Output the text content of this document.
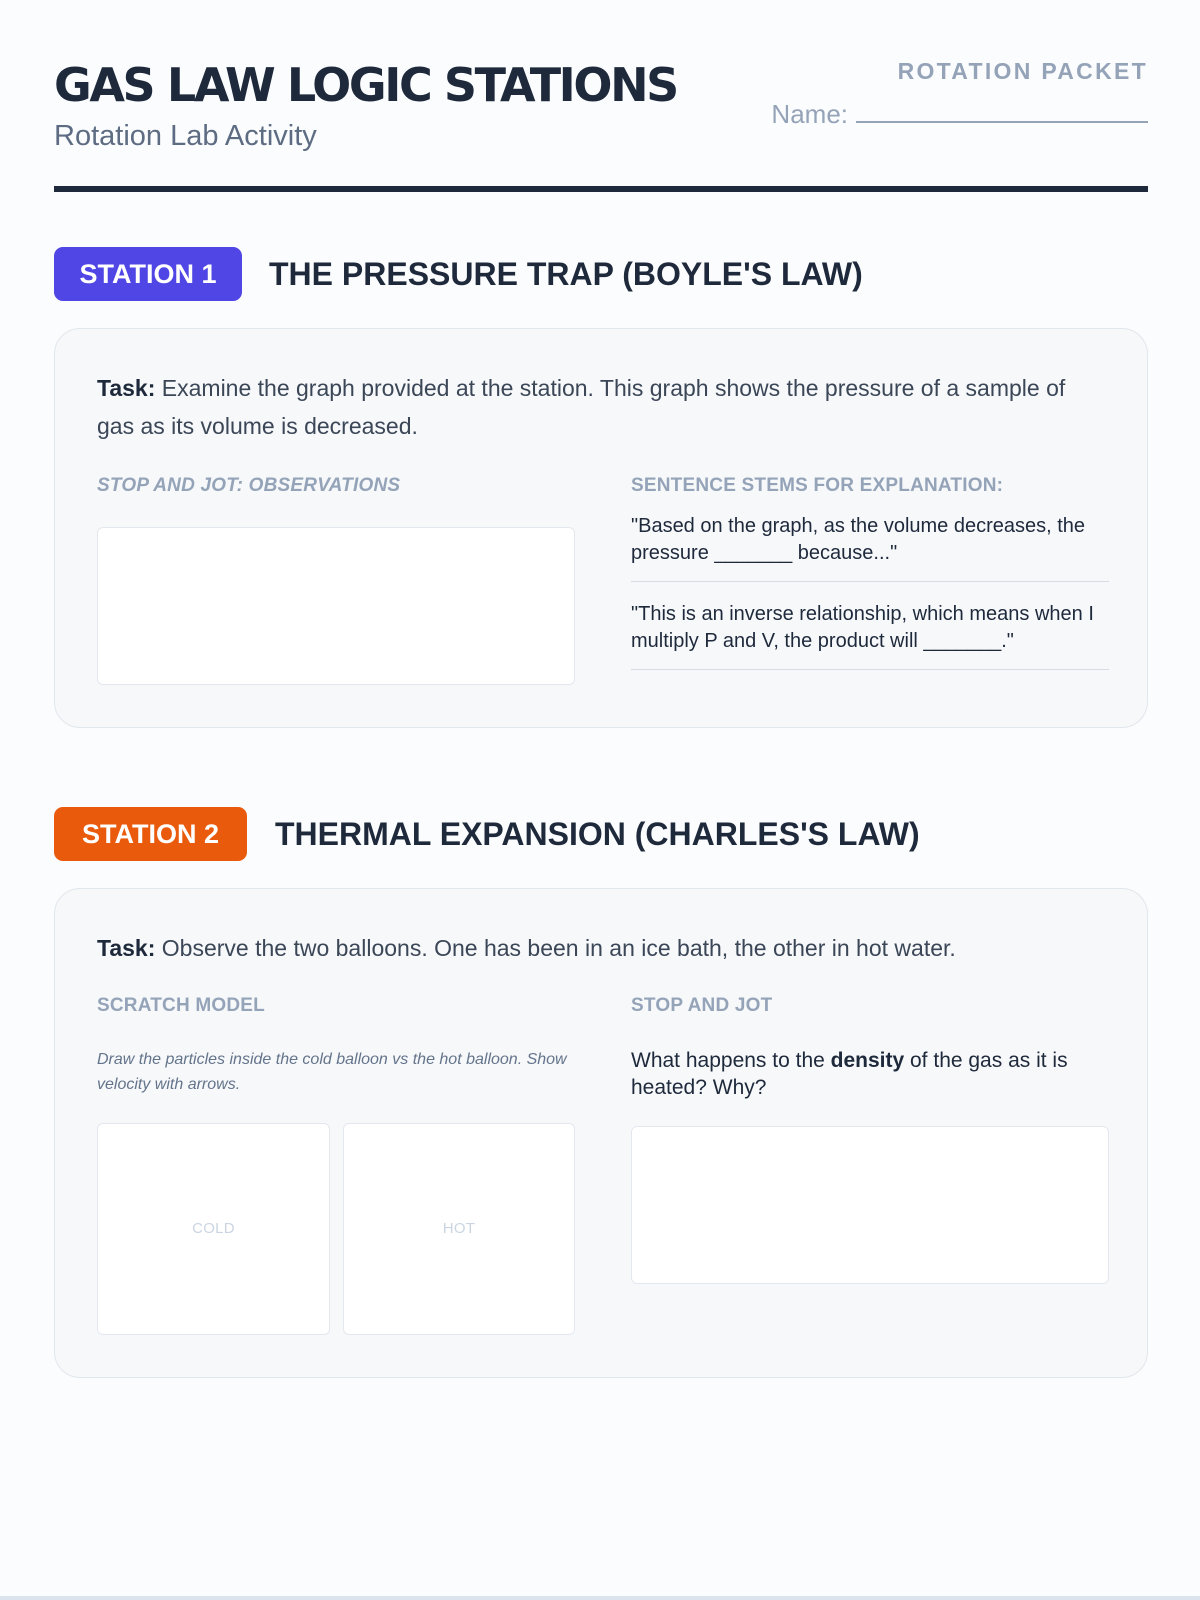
GAS LAW LOGIC STATIONS
Rotation Lab Activity
ROTATION PACKET
Name:
STATION 1	THE PRESSURE TRAP (BOYLE'S LAW)
Task: Examine the graph provided at the station. This graph shows the pressure of a sample of gas as its volume is decreased.
STOP AND JOT: OBSERVATIONS	SENTENCE STEMS FOR EXPLANATION:
"Based on the graph, as the volume decreases, the pressure _______ because..."
"This is an inverse relationship, which means when I multiply P and V, the product will _______."
STATION 2	THERMAL EXPANSION (CHARLES'S LAW)
Task: Observe the two balloons. One has been in an ice bath, the other in hot water.
SCRATCH MODEL
Draw the particles inside the cold balloon vs the hot balloon. Show velocity with arrows.
COLD	HOT
STOP AND JOT
What happens to the density of the gas as it is heated? Why?
